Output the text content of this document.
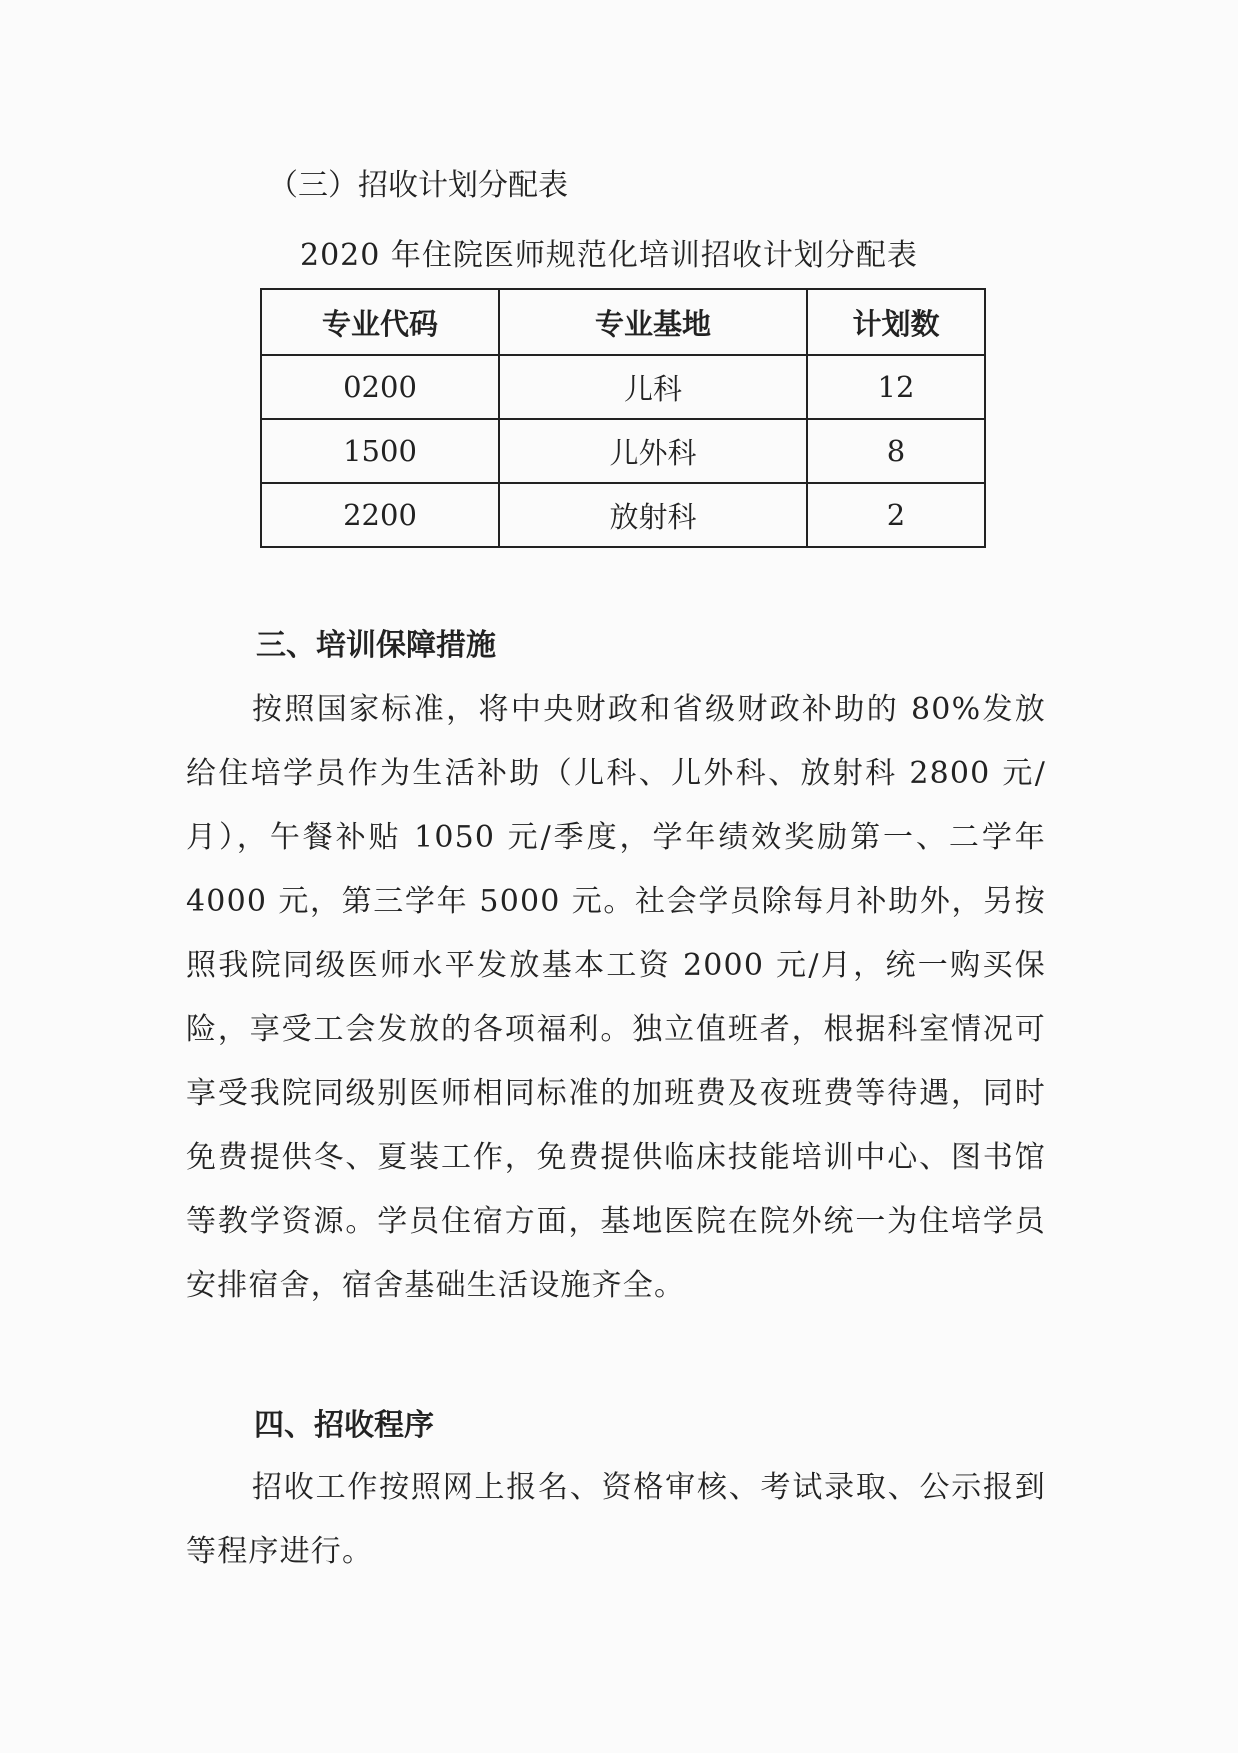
（三）招收计划分配表
2020 年住院医师规范化培训招收计划分配表
专业代码	专业基地	计划数
0200	儿科	12
1500	儿外科	8
2200	放射科	2
三、培训保障措施
按照国家标准，将中央财政和省级财政补助的 80%发放给住培学员作为生活补助（儿科、儿外科、放射科 2800 元/月），午餐补贴 1050 元/季度，学年绩效奖励第一、二学年 4000 元，第三学年 5000 元。社会学员除每月补助外，另按照我院同级医师水平发放基本工资 2000 元/月，统一购买保险，享受工会发放的各项福利。独立值班者，根据科室情况可享受我院同级别医师相同标准的加班费及夜班费等待遇，同时免费提供冬、夏装工作，免费提供临床技能培训中心、图书馆等教学资源。学员住宿方面，基地医院在院外统一为住培学员安排宿舍，宿舍基础生活设施齐全。
四、招收程序
招收工作按照网上报名、资格审核、考试录取、公示报到等程序进行。
